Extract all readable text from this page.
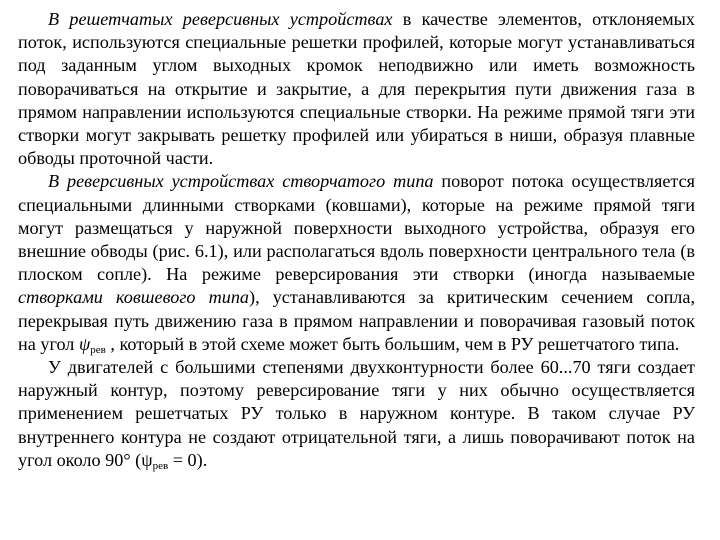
В решетчатых реверсивных устройствах в качестве элементов, отклоняемых поток, используются специальные решетки профилей, которые могут устанавливаться под заданным углом выходных кромок неподвижно или иметь возможность поворачиваться на открытие и закрытие, а для перекрытия пути движения газа в прямом направлении используются специальные створки. На режиме прямой тяги эти створки могут закрывать решетку профилей или убираться в ниши, образуя плавные обводы проточной части.

В реверсивных устройствах створчатого типа поворот потока осуществляется специальными длинными створками (ковшами), которые на режиме прямой тяги могут размещаться у наружной поверхности выходного устройства, образуя его внешние обводы (рис. 6.1), или располагаться вдоль поверхности центрального тела (в плоском сопле). На режиме реверсирования эти створки (иногда называемые створками ковшевого типа), устанавливаются за критическим сечением сопла, перекрывая путь движению газа в прямом направлении и поворачивая газовый поток на угол $\psi_{рев}$ , который в этой схеме может быть большим, чем в РУ решетчатого типа.

У двигателей с большими степенями двухконтурности более 60...70 тяги создает наружный контур, поэтому реверсирование тяги у них обычно осуществляется применением решетчатых РУ только в наружном контуре. В таком случае РУ внутреннего контура не создают отрицательной тяги, а лишь поворачивают поток на угол около 90° $(\psi_{рев} = 0)$.
